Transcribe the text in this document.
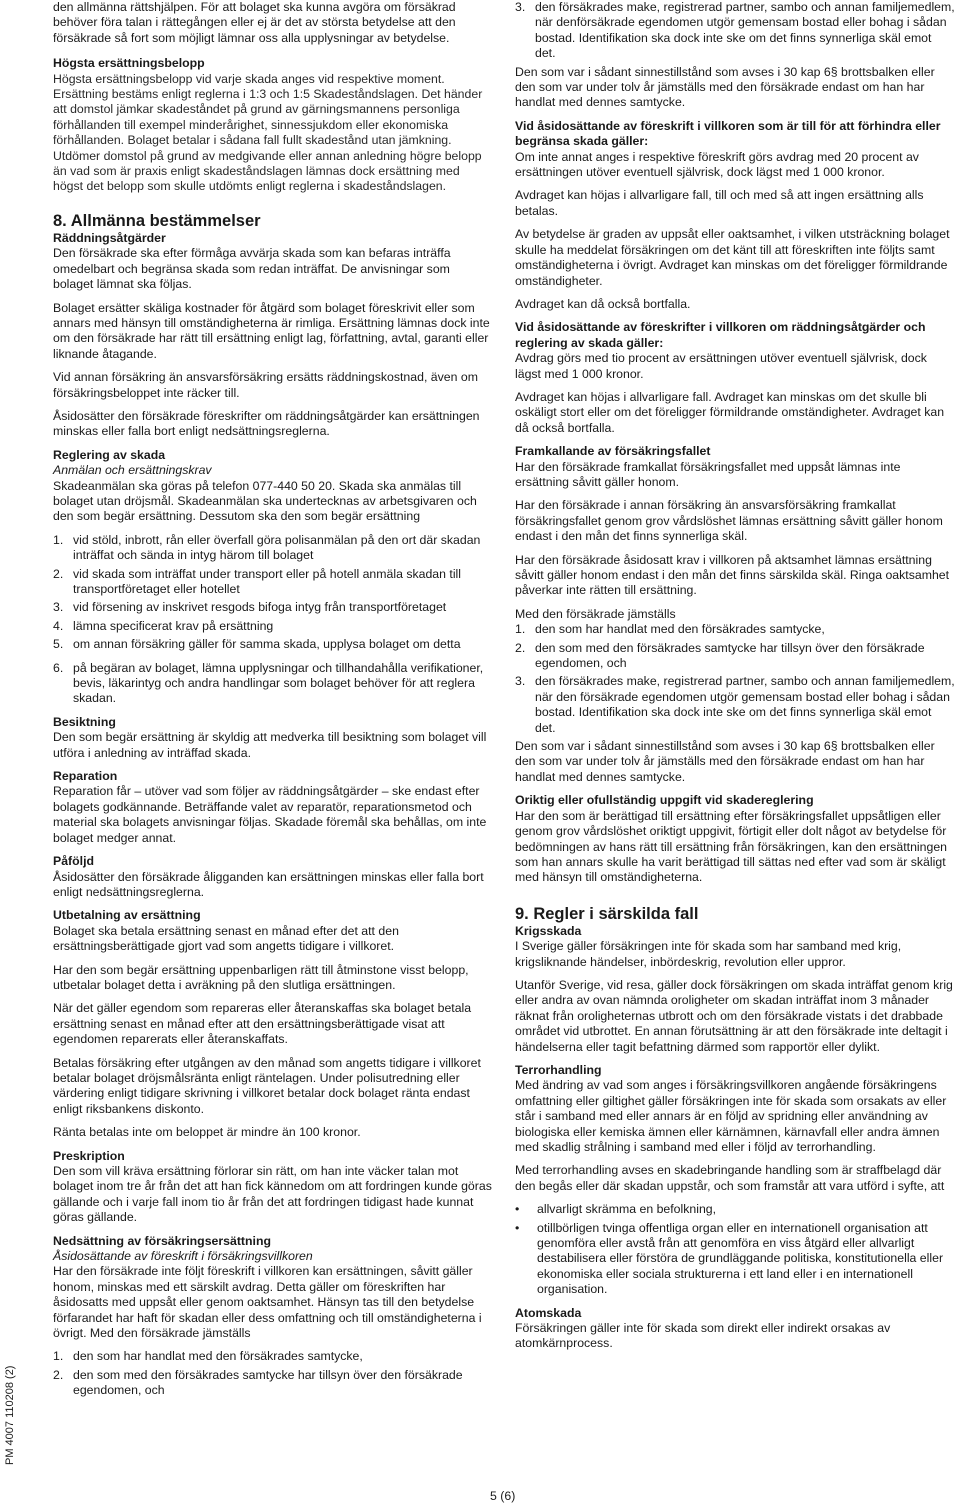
PM 4007 110208 (2)

den allmänna rättshjälpen. För att bolaget ska kunna avgöra om försäkrad behöver föra talan i rättegången eller ej är det av största betydelse att den försäkrade så fort som möjligt lämnar oss alla upplysningar av betydelse.

Högsta ersättningsbelopp

Högsta ersättningsbelopp vid varje skada anges vid respektive moment.

Ersättning bestäms enligt reglerna i 1:3 och 1:5 Skadeståndslagen. Det händer att domstol jämkar skadeståndet på grund av gärningsmannens personliga förhållanden till exempel minderårighet, sinnessjukdom eller ekonomiska förhållanden. Bolaget betalar i sådana fall fullt skadestånd utan jämkning. Utdömer domstol på grund av medgivande eller annan anledning högre belopp än vad som är praxis enligt skadeståndslagen lämnas dock ersättning med högst det belopp som skulle utdömts enligt reglerna i skadeståndslagen.

8. Allmänna bestämmelser
Räddningsåtgärder

Den försäkrade ska efter förmåga avvärja skada som kan befaras inträffa omedelbart och begränsa skada som redan inträffat. De anvisningar som bolaget lämnat ska följas.

Bolaget ersätter skäliga kostnader för åtgärd som bolaget föreskrivit eller som annars med hänsyn till omständigheterna är rimliga. Ersättning lämnas dock inte om den försäkrade har rätt till ersättning enligt lag, författning, avtal, garanti eller liknande åtagande.

Vid annan försäkring än ansvarsförsäkring ersätts räddningskostnad, även om försäkringsbeloppet inte räcker till.

Åsidosätter den försäkrade föreskrifter om räddningsåtgärder kan ersättningen minskas eller falla bort enligt nedsättningsreglerna.

Reglering av skada

Anmälan och ersättningskrav

Skadeanmälan ska göras på telefon 077-440 50 20. Skada ska anmälas till bolaget utan dröjsmål. Skadeanmälan ska undertecknas av arbetsgivaren och den som begär ersättning. Dessutom ska den som begär ersättning

1. vid stöld, inbrott, rån eller överfall göra polisanmälan på den ort där skadan inträffat och sända in intyg härom till bolaget
2. vid skada som inträffat under transport eller på hotell anmäla skadan till transportföretaget eller hotellet
3. vid försening av inskrivet resgods bifoga intyg från transportföretaget
4. lämna specificerat krav på ersättning
5. om annan försäkring gäller för samma skada, upplysa bolaget om detta
6. på begäran av bolaget, lämna upplysningar och tillhandahålla verifikationer, bevis, läkarintyg och andra handlingar som bolaget behöver för att reglera skadan.
Besiktning

Den som begär ersättning är skyldig att medverka till besiktning som bolaget vill utföra i anledning av inträffad skada.

Reparation

Reparation får – utöver vad som följer av räddningsåtgärder – ske endast efter bolagets godkännande. Beträffande valet av reparatör, reparationsmetod och material ska bolagets anvisningar följas. Skadade föremål ska behållas, om inte bolaget medger annat.

Påföljd

Åsidosätter den försäkrade åligganden kan ersättningen minskas eller falla bort enligt nedsättningsreglerna.

Utbetalning av ersättning

Bolaget ska betala ersättning senast en månad efter det att den ersättningsberättigade gjort vad som angetts tidigare i villkoret.

Har den som begär ersättning uppenbarligen rätt till åtminstone visst belopp, utbetalar bolaget detta i avräkning på den slutliga ersättningen.

När det gäller egendom som repareras eller återanskaffas ska bolaget betala ersättning senast en månad efter att den ersättningsberättigade visat att egendomen reparerats eller återanskaffats.

Betalas försäkring efter utgången av den månad som angetts tidigare i villkoret betalar bolaget dröjsmålsränta enligt räntelagen. Under polisutredning eller värdering enligt tidigare skrivning i villkoret betalar dock bolaget ränta endast enligt riksbankens diskonto.

Ränta betalas inte om beloppet är mindre än 100 kronor.

Preskription

Den som vill kräva ersättning förlorar sin rätt, om han inte väcker talan mot bolaget inom tre år från det att han fick kännedom om att fordringen kunde göras gällande och i varje fall inom tio år från det att fordringen tidigast hade kunnat göras gällande.

Nedsättning av försäkringsersättning

Åsidosättande av föreskrift i försäkringsvillkoren

Har den försäkrade inte följt föreskrift i villkoren kan ersättningen, såvitt gäller honom, minskas med ett särskilt avdrag. Detta gäller om föreskriften har åsidosatts med uppsåt eller genom oaktsamhet. Hänsyn tas till den betydelse förfarandet har haft för skadan eller dess omfattning och till omständigheterna i övrigt. Med den försäkrade jämställs

1. den som har handlat med den försäkrades samtycke,
2. den som med den försäkrades samtycke har tillsyn över den försäkrade egendomen, och
3. den försäkrades make, registrerad partner, sambo och annan familjemedlem, när denförsäkrade egendomen utgör gemensam bostad eller bohag i sådan bostad. Identifikation ska dock inte ske om det finns synnerliga skäl emot det.

Den som var i sådant sinnestillstånd som avses i 30 kap 6§ brottsbalken eller den som var under tolv år jämställs med den försäkrade endast om han har handlat med dennes samtycke.

Vid åsidosättande av föreskrift i villkoren som är till för att förhindra eller begränsa skada gäller:

Om inte annat anges i respektive föreskrift görs avdrag med 20 procent av ersättningen utöver eventuell självrisk, dock lägst med 1 000 kronor.

Avdraget kan höjas i allvarligare fall, till och med så att ingen ersättning alls betalas.

Av betydelse är graden av uppsåt eller oaktsamhet, i vilken utsträckning bolaget skulle ha meddelat försäkringen om det känt till att föreskriften inte följts samt omständigheterna i övrigt. Avdraget kan minskas om det föreligger förmildrande omständigheter.

Avdraget kan då också bortfalla.

Vid åsidosättande av föreskrifter i villkoren om räddningsåtgärder och reglering av skada gäller:

Avdrag görs med tio procent av ersättningen utöver eventuell självrisk, dock lägst med 1 000 kronor.

Avdraget kan höjas i allvarligare fall. Avdraget kan minskas om det skulle bli oskäligt stort eller om det föreligger förmildrande omständigheter. Avdraget kan då också bortfalla.

Framkallande av försäkringsfallet

Har den försäkrade framkallat försäkringsfallet med uppsåt lämnas inte ersättning såvitt gäller honom.

Har den försäkrade i annan försäkring än ansvarsförsäkring framkallat försäkringsfallet genom grov vårdslöshet lämnas ersättning såvitt gäller honom endast i den mån det finns synnerliga skäl.

Har den försäkrade åsidosatt krav i villkoren på aktsamhet lämnas ersättning såvitt gäller honom endast i den mån det finns särskilda skäl. Ringa oaktsamhet påverkar inte rätten till ersättning.

Med den försäkrade jämställs

1. den som har handlat med den försäkrades samtycke,
2. den som med den försäkrades samtycke har tillsyn över den försäkrade egendomen, och
3. den försäkrades make, registrerad partner, sambo och annan familjemedlem, när den försäkrade egendomen utgör gemensam bostad eller bohag i sådan bostad. Identifikation ska dock inte ske om det finns synnerliga skäl emot det.

Den som var i sådant sinnestillstånd som avses i 30 kap 6§ brottsbalken eller den som var under tolv år jämställs med den försäkrade endast om han har handlat med dennes samtycke.

Oriktig eller ofullständig uppgift vid skadereglering

Har den som är berättigad till ersättning efter försäkringsfallet uppsåtligen eller genom grov vårdslöshet oriktigt uppgivit, förtigit eller dolt något av betydelse för bedömningen av hans rätt till ersättning från försäkringen, kan den ersättningen som han annars skulle ha varit berättigad till sättas ned efter vad som är skäligt med hänsyn till omständigheterna.

9. Regler i särskilda fall
Krigsskada

I Sverige gäller försäkringen inte för skada som har samband med krig, krigsliknande händelser, inbördeskrig, revolution eller uppror.

Utanför Sverige, vid resa, gäller dock försäkringen om skada inträffat genom krig eller andra av ovan nämnda oroligheter om skadan inträffat inom 3 månader räknat från oroligheternas utbrott och om den försäkrade vistats i det drabbade området vid utbrottet. En annan förutsättning är att den försäkrade inte deltagit i händelserna eller tagit befattning därmed som rapportör eller dylikt.

Terrorhandling

Med ändring av vad som anges i försäkringsvillkoren angående försäkringens omfattning eller giltighet gäller försäkringen inte för skada som orsakats av eller står i samband med eller annars är en följd av spridning eller användning av biologiska eller kemiska ämnen eller kärnämnen, kärnavfall eller andra ämnen med skadlig strålning i samband med eller i följd av terrorhandling.

Med terrorhandling avses en skadebringande handling som är straffbelagd där den begås eller där skadan uppstår, och som framstår att vara utförd i syfte, att

•	allvarligt skrämma en befolkning,
•	otillbörligen tvinga offentliga organ eller en internationell organisation att genomföra eller avstå från att genomföra en viss åtgärd eller allvarligt destabilisera eller förstöra de grundläggande politiska, konstitutionella eller ekonomiska eller sociala strukturerna i ett land eller i en internationell organisation.
Atomskada

Försäkringen gäller inte för skada som direkt eller indirekt orsakas av atomkärnprocess.

5 (6)
